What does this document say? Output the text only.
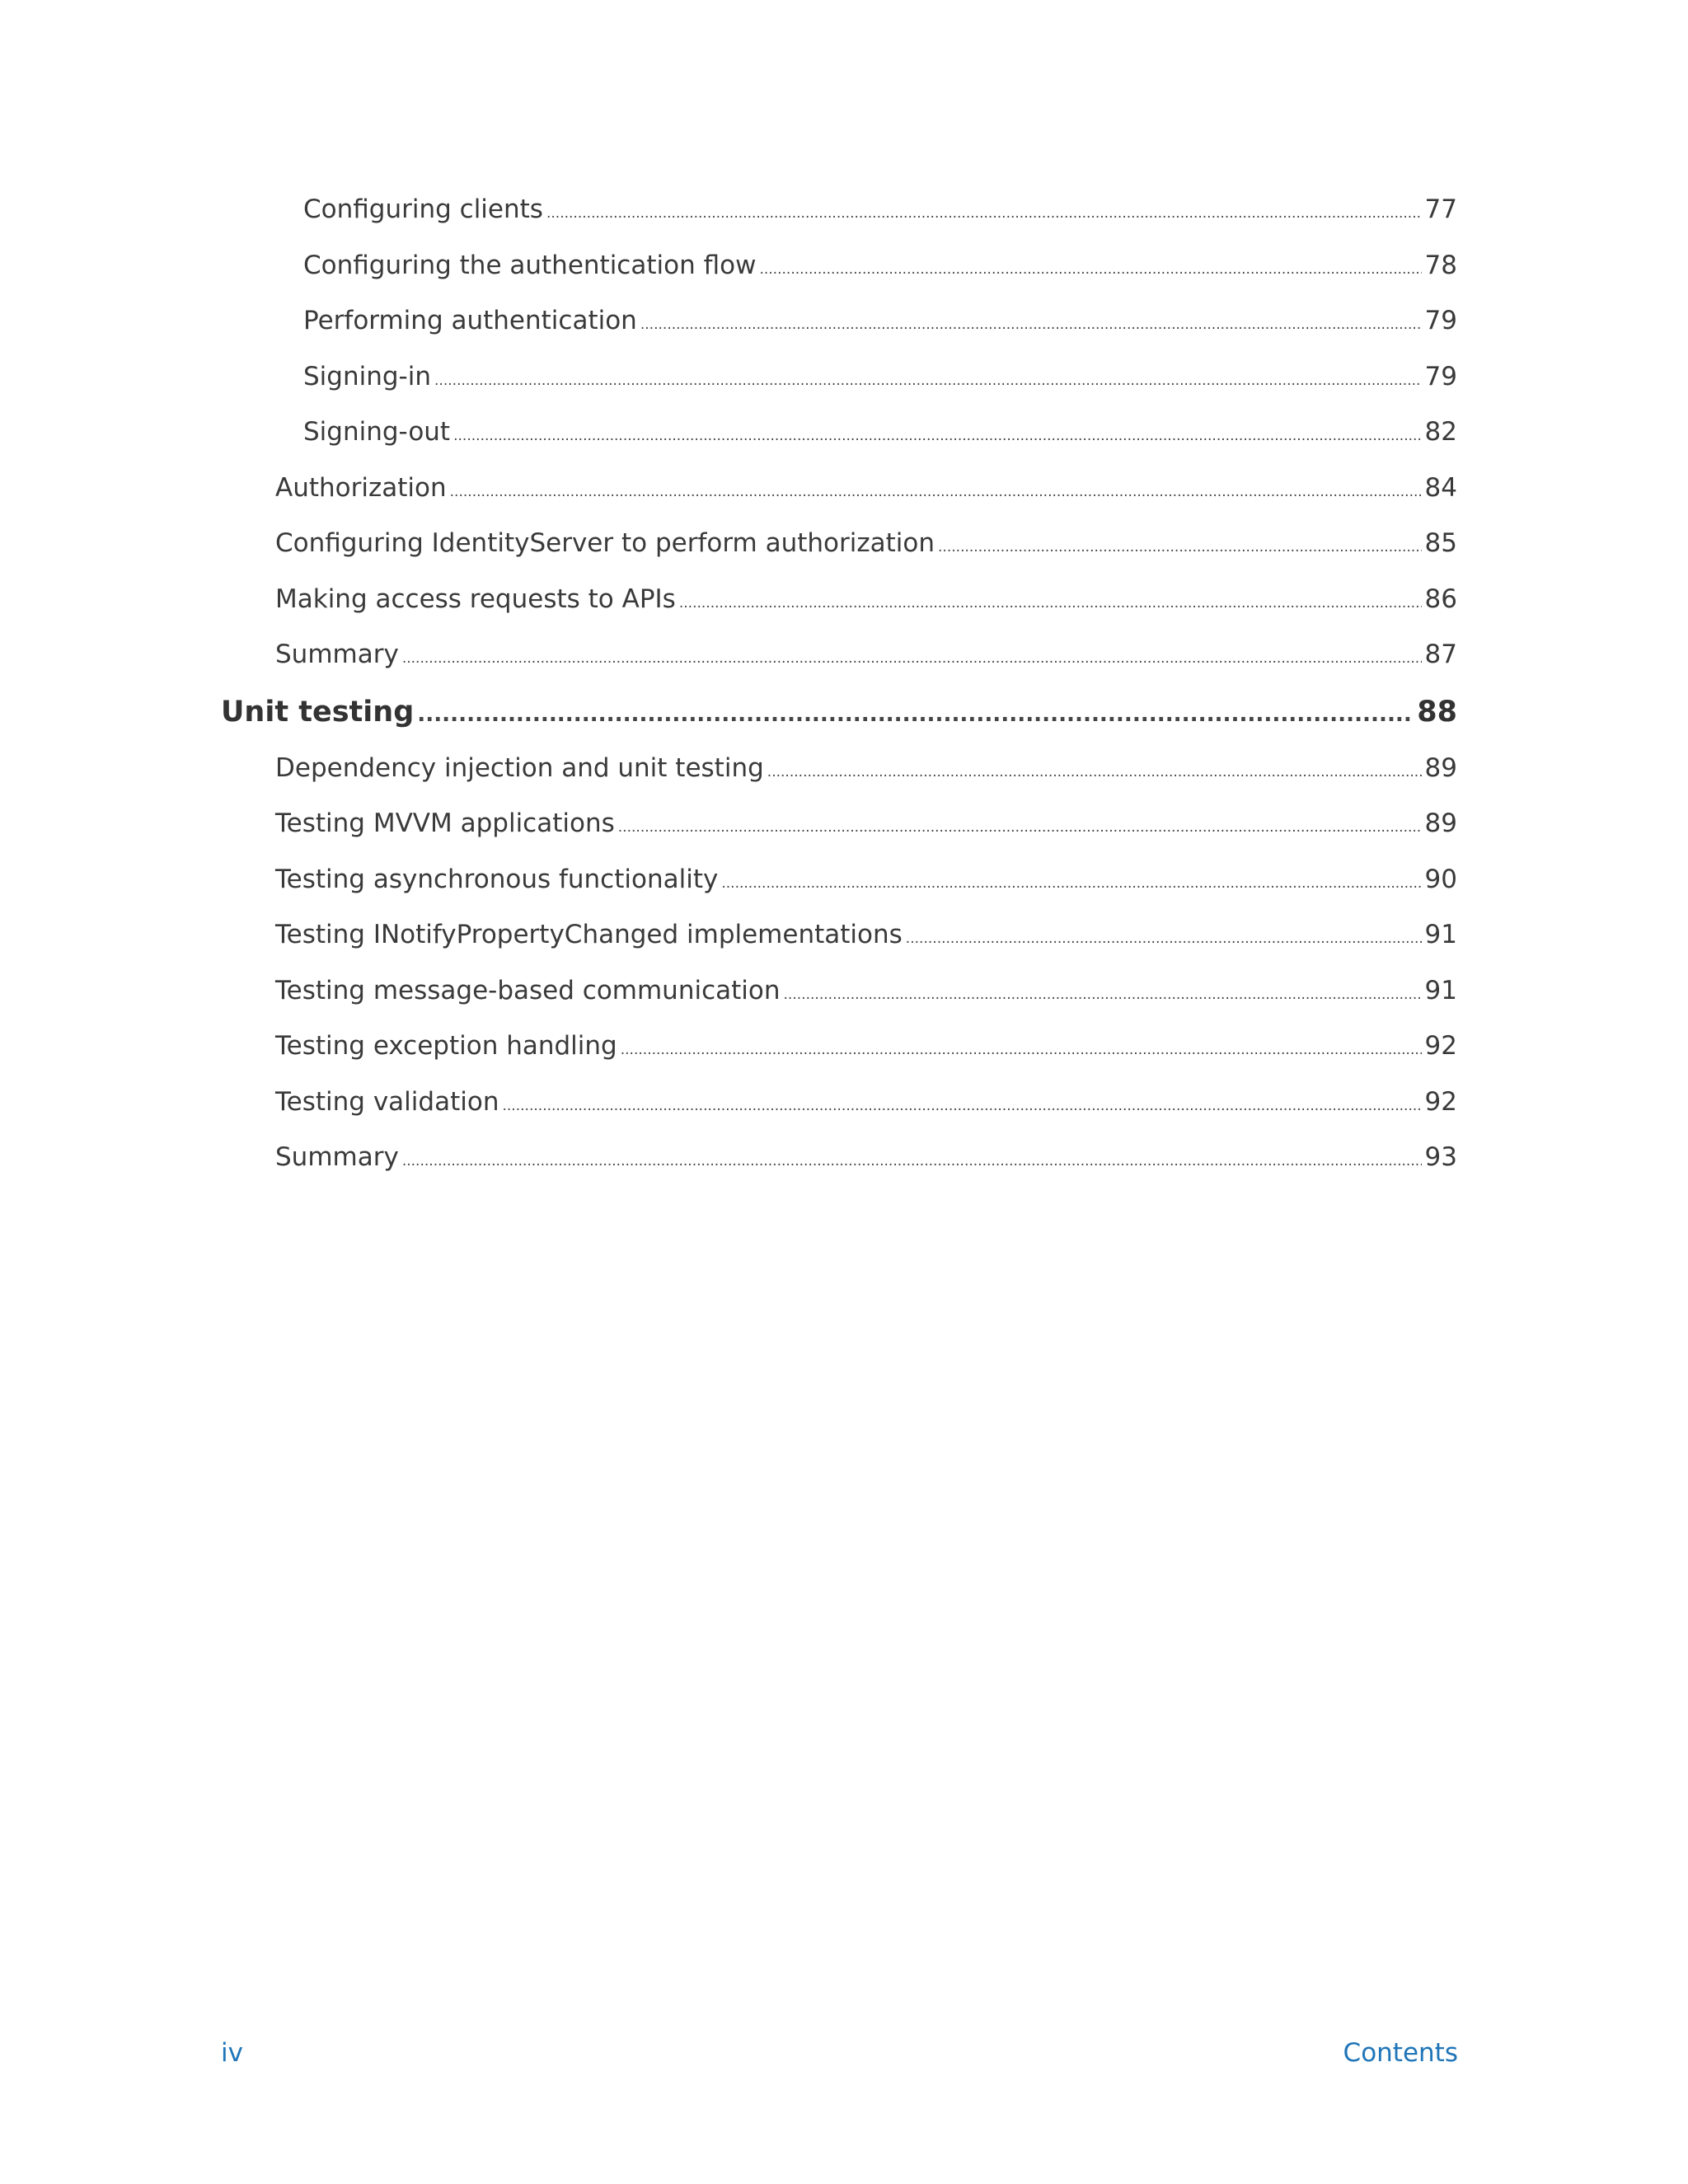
Configuring clients .....	77
Configuring the authentication flow .....	78
Performing authentication .....	79
Signing-in .....	79
Signing-out .....	82
Authorization .....	84
Configuring IdentityServer to perform authorization .....	85
Making access requests to APIs .....	86
Summary .....	87
Unit testing .....	88
Dependency injection and unit testing .....	89
Testing MVVM applications .....	89
Testing asynchronous functionality .....	90
Testing INotifyPropertyChanged implementations .....	91
Testing message-based communication .....	91
Testing exception handling .....	92
Testing validation .....	92
Summary .....	93
iv	Contents
